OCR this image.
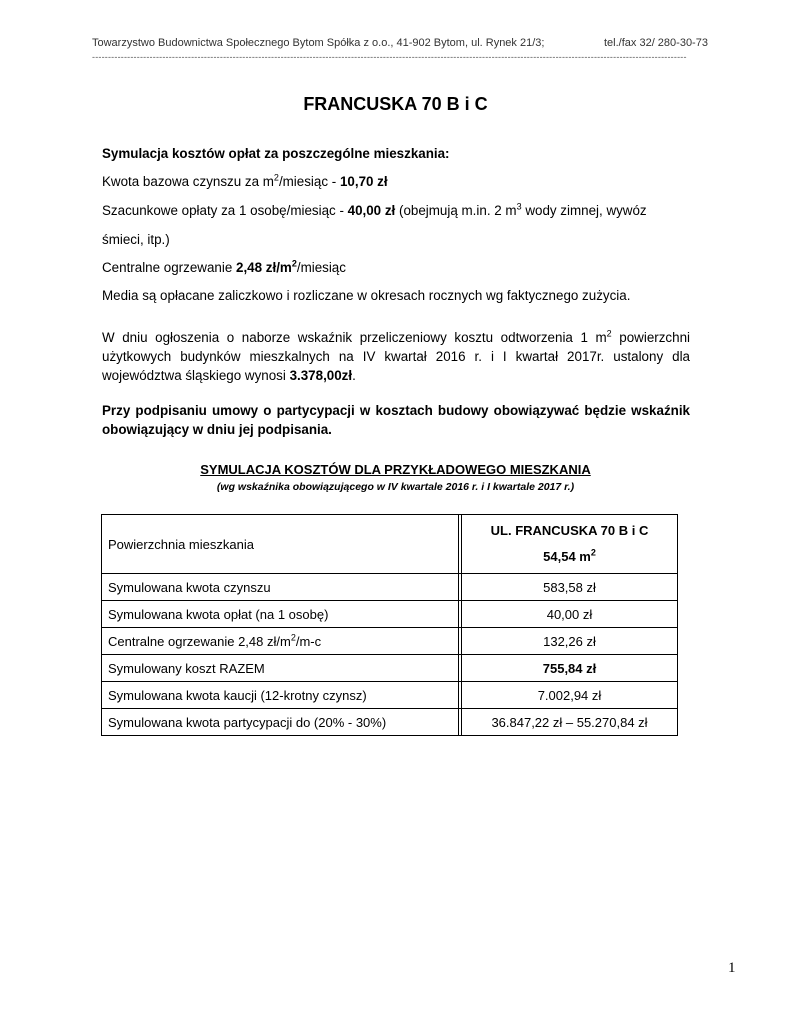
Towarzystwo Budownictwa Społecznego Bytom Spółka z o.o., 41-902 Bytom, ul. Rynek 21/3;	tel./fax 32/ 280-30-73
------------------------------------------------------------------------------------------------------------------------------------------------------------------------------------------
FRANCUSKA 70 B i C
Symulacja kosztów opłat za poszczególne mieszkania:
Kwota bazowa czynszu za $m^2$/miesiąc - 10,70 zł
Szacunkowe opłaty za 1 osobę/miesiąc - 40,00 zł (obejmują m.in. 2 $m^3$ wody zimnej, wywóz
śmieci, itp.)
Centralne ogrzewanie 2,48 $zł/m^2$/miesiąc
Media są opłacane zaliczkowo i rozliczane w okresach rocznych wg faktycznego zużycia.
W dniu ogłoszenia o naborze wskaźnik przeliczeniowy kosztu odtworzenia 1 $m^2$ powierzchni użytkowych budynków mieszkalnych na IV kwartał 2016 r. i I kwartał 2017r. ustalony dla województwa śląskiego wynosi 3.378,00zł.
Przy podpisaniu umowy o partycypacji w kosztach budowy obowiązywać będzie wskaźnik obowiązujący w dniu jej podpisania.
SYMULACJA KOSZTÓW DLA PRZYKŁADOWEGO MIESZKANIA
(wg wskaźnika obowiązującego w IV kwartale 2016 r. i I kwartale 2017 r.)
Powierzchnia mieszkania		UL. FRANCUSKA 70 B i C
54,54 $m^2$

Symulowana kwota czynszu		583,58 zł
Symulowana kwota opłat (na 1 osobę)		40,00 zł
Centralne ogrzewanie 2,48 $zł/m^2/m-c$		132,26 zł
Symulowany koszt RAZEM		755,84 zł
Symulowana kwota kaucji (12-krotny czynsz)		7.002,94 zł
Symulowana kwota partycypacji do (20% - 30%)		36.847,22 zł – 55.270,84 zł
1
